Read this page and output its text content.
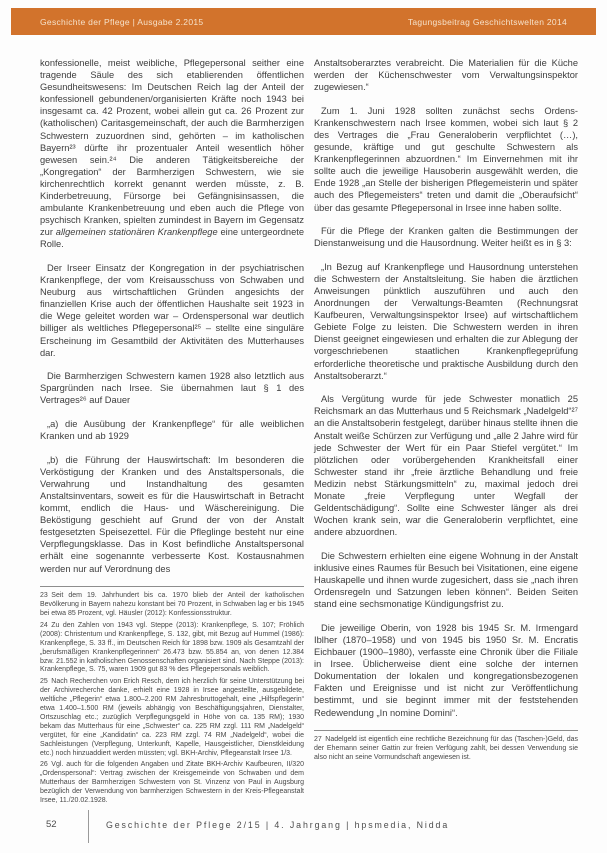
Geschichte der Pflege | Ausgabe 2.2015	Tagungsbeitrag Geschichtswelten 2014

konfessionelle, meist weibliche, Pflegepersonal seither eine tragende Säule des sich etablierenden öffentlichen Gesundheitswesens: Im Deutschen Reich lag der Anteil der konfessionell gebundenen/organisierten Kräfte noch 1943 bei insgesamt ca. 42 Prozent, wobei allein gut ca. 26 Prozent zur (katholischen) Caritasgemeinschaft, der auch die Barmherzigen Schwestern zuzuordnen sind, gehörten – im katholischen Bayern²³ dürfte ihr prozentualer Anteil wesentlich höher gewesen sein.²⁴ Die anderen Tätigkeitsbereiche der „Kongregation“ der Barmherzigen Schwestern, wie sie kirchenrechtlich korrekt genannt werden müsste, z. B. Kinderbetreuung, Fürsorge bei Gefängnisinsassen, die ambulante Krankenbetreuung und eben auch die Pflege von psychisch Kranken, spielten zumindest in Bayern im Gegensatz zur allgemeinen stationären Krankenpflege eine untergeordnete Rolle.

Der Irseer Einsatz der Kongregation in der psychiatrischen Krankenpflege, der vom Kreisausschuss von Schwaben und Neuburg aus wirtschaftlichen Gründen angesichts der finanziellen Krise auch der öffentlichen Haushalte seit 1923 in die Wege geleitet worden war – Ordenspersonal war deutlich billiger als weltliches Pflegepersonal²⁵ – stellte eine singuläre Erscheinung im Gesamtbild der Aktivitäten des Mutterhauses dar.

Die Barmherzigen Schwestern kamen 1928 also letztlich aus Spargründen nach Irsee. Sie übernahmen laut § 1 des Vertrages²⁶ auf Dauer

„a) die Ausübung der Krankenpflege“ für alle weiblichen Kranken und ab 1929

„b) die Führung der Hauswirtschaft: Im besonderen die Verköstigung der Kranken und des Anstaltspersonals, die Verwahrung und Instandhaltung des gesamten Anstaltsinventars, soweit es für die Hauswirtschaft in Betracht kommt, endlich die Haus- und Wäschereinigung. Die Beköstigung geschieht auf Grund der von der Anstalt festgesetzten Speisezettel. Für die Pfleglinge besteht nur eine Verpflegungsklasse. Das in Kost befindliche Anstaltspersonal erhält eine sogenannte verbesserte Kost. Kostausnahmen werden nur auf Verordnung des

23 Seit dem 19. Jahrhundert bis ca. 1970 blieb der Anteil der katholischen Bevölkerung in Bayern nahezu konstant bei 70 Prozent, in Schwaben lag er bis 1945 bei etwa 85 Prozent, vgl. Häusler (2012): Konfessionsstruktur.
24 Zu den Zahlen von 1943 vgl. Steppe (2013): Krankenpflege, S. 107; Fröhlich (2008): Christentum und Krankenpflege, S. 132, gibt, mit Bezug auf Hummel (1986): Krankenpflege, S. 33 ff., im Deutschen Reich für 1898 bzw. 1909 als Gesamtzahl der „berufsmäßigen Krankenpflegerinnen“ 26.473 bzw. 55.854 an, von denen 12.384 bzw. 21.552 in katholischen Genossenschaften organisiert sind. Nach Steppe (2013): Krankenpflege, S. 75, waren 1909 gut 83 % des Pflegepersonals weiblich.
25 Nach Recherchen von Erich Resch, dem ich herzlich für seine Unterstützung bei der Archivrecherche danke, erhielt eine 1928 in Irsee angestellte, ausgebildete, weltliche „Pflegerin“ etwa 1.800–2.200 RM Jahresbruttogehalt, eine „Hilfspflegerin“ etwa 1.400–1.500 RM (jeweils abhängig von Beschäftigungsjahren, Dienstalter, Ortszuschlag etc.; zuzüglich Verpflegungsgeld in Höhe von ca. 135 RM); 1930 bekam das Mutterhaus für eine „Schwester“ ca. 225 RM zzgl. 111 RM „Nadelgeld“ vergütet, für eine „Kandidatin“ ca. 223 RM zzgl. 74 RM „Nadelgeld“, wobei die Sachleistungen (Verpflegung, Unterkunft, Kapelle, Hausgeistlicher, Dienstkleidung etc.) noch hinzuaddiert werden müssten; vgl. BKH-Archiv, Pflegeanstalt Irsee 1/3.
26 Vgl. auch für die folgenden Angaben und Zitate BKH-Archiv Kaufbeuren, II/320 „Ordenspersonal“: Vertrag zwischen der Kreisgemeinde von Schwaben und dem Mutterhaus der Barmherzigen Schwestern von St. Vinzenz von Paul in Augsburg bezüglich der Verwendung von barmherzigen Schwestern in der Kreis-Pflegeanstalt Irsee, 11./20.02.1928.

Anstaltsoberarztes verabreicht. Die Materialien für die Küche werden der Küchenschwester vom Verwaltungsinspektor zugewiesen.“

Zum 1. Juni 1928 sollten zunächst sechs Ordens-Krankenschwestern nach Irsee kommen, wobei sich laut § 2 des Vertrages die „Frau Generaloberin verpflichtet (…), gesunde, kräftige und gut geschulte Schwestern als Krankenpflegerinnen abzuordnen.“ Im Einvernehmen mit ihr sollte auch die jeweilige Hausoberin ausgewählt werden, die Ende 1928 „an Stelle der bisherigen Pflegemeisterin und später auch des Pflegemeisters“ treten und damit die „Oberaufsicht“ über das gesamte Pflegepersonal in Irsee inne haben sollte.

Für die Pflege der Kranken galten die Bestimmungen der Dienstanweisung und die Hausordnung. Weiter heißt es in § 3:

„In Bezug auf Krankenpflege und Hausordnung unterstehen die Schwestern der Anstaltsleitung. Sie haben die ärztlichen Anweisungen pünktlich auszuführen und auch den Anordnungen der Verwaltungs-Beamten (Rechnungsrat Kaufbeuren, Verwaltungsinspektor Irsee) auf wirtschaftlichem Gebiete Folge zu leisten. Die Schwestern werden in ihren Dienst geeignet eingewiesen und erhalten die zur Ablegung der vorgeschriebenen staatlichen Krankenpflegeprüfung erforderliche theoretische und praktische Ausbildung durch den Anstaltsoberarzt.“

Als Vergütung wurde für jede Schwester monatlich 25 Reichsmark an das Mutterhaus und 5 Reichsmark „Nadelgeld“²⁷ an die Anstaltsoberin festgelegt, darüber hinaus stellte ihnen die Anstalt weiße Schürzen zur Verfügung und „alle 2 Jahre wird für jede Schwester der Wert für ein Paar Stiefel vergütet.“ Im plötzlichen oder vorübergehenden Krankheitsfall einer Schwester stand ihr „freie ärztliche Behandlung und freie Medizin nebst Stärkungsmitteln“ zu, maximal jedoch drei Monate „freie Verpflegung unter Wegfall der Geldentschädigung“. Sollte eine Schwester länger als drei Wochen krank sein, war die Generaloberin verpflichtet, eine andere abzuordnen.

Die Schwestern erhielten eine eigene Wohnung in der Anstalt inklusive eines Raumes für Besuch bei Visitationen, eine eigene Hauskapelle und ihnen wurde zugesichert, dass sie „nach ihren Ordensregeln und Satzungen leben können“. Beiden Seiten stand eine sechsmonatige Kündigungsfrist zu.

Die jeweilige Oberin, von 1928 bis 1945 Sr. M. Irmengard Iblher (1870–1958) und von 1945 bis 1950 Sr. M. Encratis Eichbauer (1900–1980), verfasste eine Chronik über die Filiale in Irsee. Üblicherweise dient eine solche der internen Dokumentation der lokalen und kongregationsbezogenen Fakten und Ereignisse und ist nicht zur Veröffentlichung bestimmt, und sie beginnt immer mit der feststehenden Redewendung „In nomine Domini“.

27 Nadelgeld ist eigentlich eine rechtliche Bezeichnung für das (Taschen-)Geld, das der Ehemann seiner Gattin zur freien Verfügung zahlt, bei dessen Verwendung sie also nicht an seine Vormundschaft angewiesen ist.
52	Geschichte der Pflege 2/15 | 4. Jahrgang | hpsmedia, Nidda
